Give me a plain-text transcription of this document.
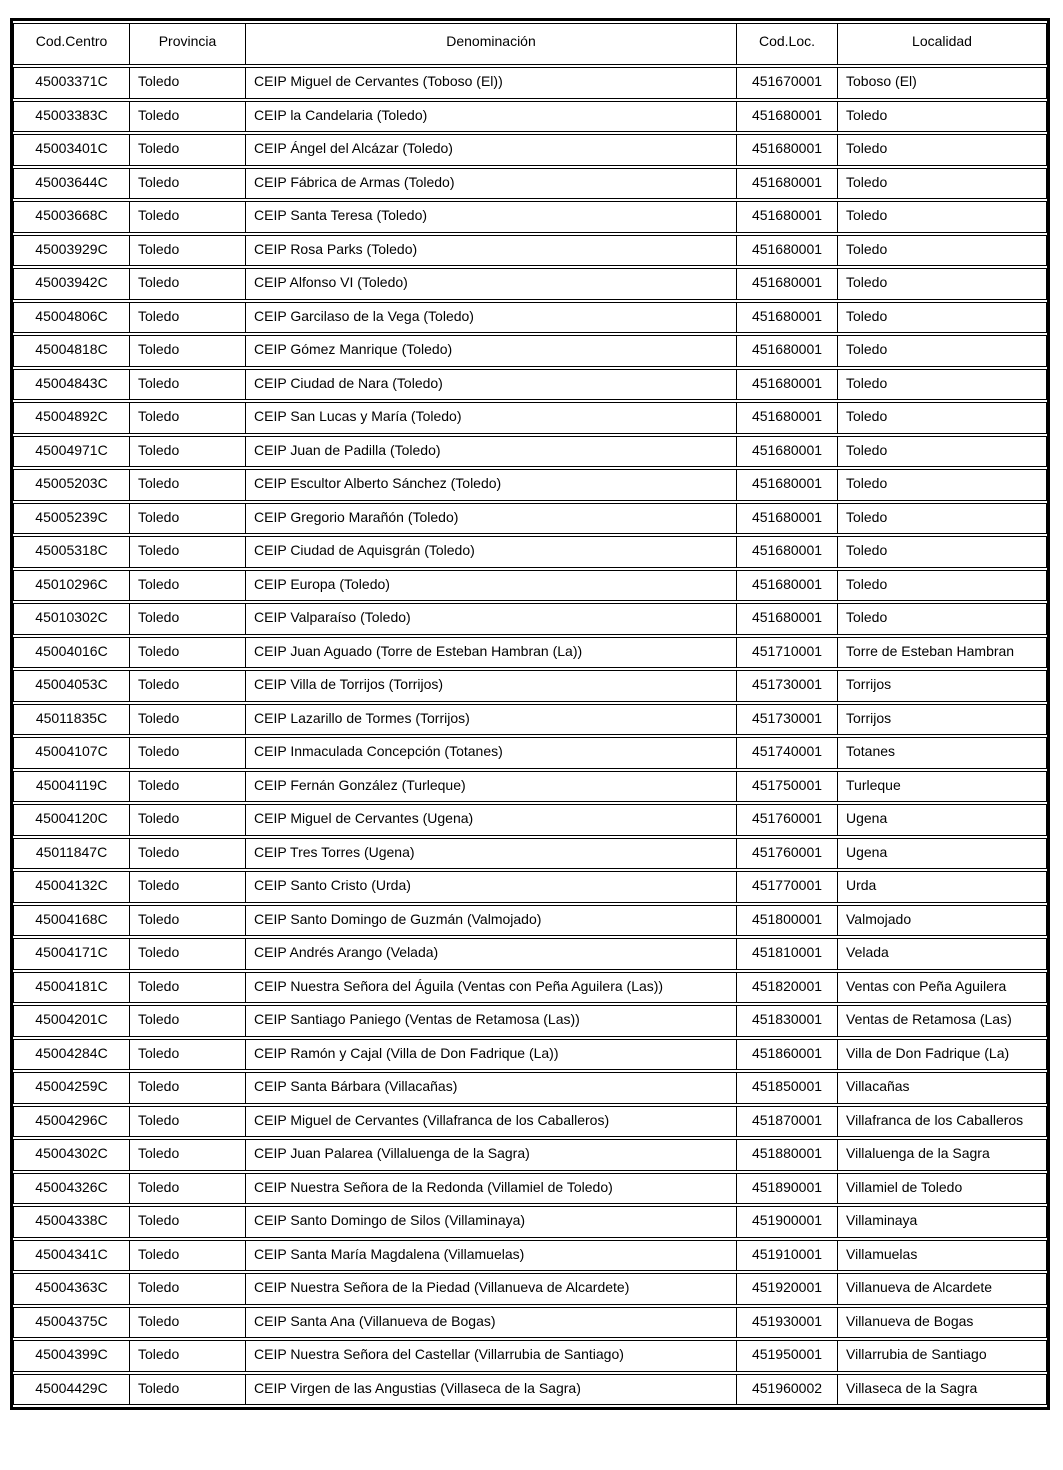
Cod.Centro	Provincia	Denominación	Cod.Loc.	Localidad
45003371C	Toledo	CEIP Miguel de Cervantes (Toboso (El))	451670001	Toboso (El)
45003383C	Toledo	CEIP la Candelaria (Toledo)	451680001	Toledo
45003401C	Toledo	CEIP Ángel del Alcázar (Toledo)	451680001	Toledo
45003644C	Toledo	CEIP Fábrica de Armas (Toledo)	451680001	Toledo
45003668C	Toledo	CEIP Santa Teresa (Toledo)	451680001	Toledo
45003929C	Toledo	CEIP Rosa Parks (Toledo)	451680001	Toledo
45003942C	Toledo	CEIP Alfonso VI (Toledo)	451680001	Toledo
45004806C	Toledo	CEIP Garcilaso de la Vega (Toledo)	451680001	Toledo
45004818C	Toledo	CEIP Gómez Manrique (Toledo)	451680001	Toledo
45004843C	Toledo	CEIP Ciudad de Nara (Toledo)	451680001	Toledo
45004892C	Toledo	CEIP San Lucas y María (Toledo)	451680001	Toledo
45004971C	Toledo	CEIP Juan de Padilla (Toledo)	451680001	Toledo
45005203C	Toledo	CEIP Escultor Alberto Sánchez (Toledo)	451680001	Toledo
45005239C	Toledo	CEIP Gregorio Marañón (Toledo)	451680001	Toledo
45005318C	Toledo	CEIP Ciudad de Aquisgrán (Toledo)	451680001	Toledo
45010296C	Toledo	CEIP Europa (Toledo)	451680001	Toledo
45010302C	Toledo	CEIP Valparaíso (Toledo)	451680001	Toledo
45004016C	Toledo	CEIP Juan Aguado (Torre de Esteban Hambran (La))	451710001	Torre de Esteban Hambran
45004053C	Toledo	CEIP Villa de Torrijos (Torrijos)	451730001	Torrijos
45011835C	Toledo	CEIP Lazarillo de Tormes (Torrijos)	451730001	Torrijos
45004107C	Toledo	CEIP Inmaculada Concepción (Totanes)	451740001	Totanes
45004119C	Toledo	CEIP Fernán González (Turleque)	451750001	Turleque
45004120C	Toledo	CEIP Miguel de Cervantes (Ugena)	451760001	Ugena
45011847C	Toledo	CEIP Tres Torres (Ugena)	451760001	Ugena
45004132C	Toledo	CEIP Santo Cristo (Urda)	451770001	Urda
45004168C	Toledo	CEIP Santo Domingo de Guzmán (Valmojado)	451800001	Valmojado
45004171C	Toledo	CEIP Andrés Arango (Velada)	451810001	Velada
45004181C	Toledo	CEIP Nuestra Señora del Águila (Ventas con Peña Aguilera (Las))	451820001	Ventas con Peña Aguilera
45004201C	Toledo	CEIP Santiago Paniego (Ventas de Retamosa (Las))	451830001	Ventas de Retamosa (Las)
45004284C	Toledo	CEIP Ramón y Cajal (Villa de Don Fadrique (La))	451860001	Villa de Don Fadrique (La)
45004259C	Toledo	CEIP Santa Bárbara (Villacañas)	451850001	Villacañas
45004296C	Toledo	CEIP Miguel de Cervantes (Villafranca de los Caballeros)	451870001	Villafranca de los Caballeros
45004302C	Toledo	CEIP Juan Palarea (Villaluenga de la Sagra)	451880001	Villaluenga de la Sagra
45004326C	Toledo	CEIP Nuestra Señora de la Redonda (Villamiel de Toledo)	451890001	Villamiel de Toledo
45004338C	Toledo	CEIP Santo Domingo de Silos (Villaminaya)	451900001	Villaminaya
45004341C	Toledo	CEIP Santa María Magdalena (Villamuelas)	451910001	Villamuelas
45004363C	Toledo	CEIP Nuestra Señora de la Piedad (Villanueva de Alcardete)	451920001	Villanueva de Alcardete
45004375C	Toledo	CEIP Santa Ana (Villanueva de Bogas)	451930001	Villanueva de Bogas
45004399C	Toledo	CEIP Nuestra Señora del Castellar (Villarrubia de Santiago)	451950001	Villarrubia de Santiago
45004429C	Toledo	CEIP Virgen de las Angustias (Villaseca de la Sagra)	451960002	Villaseca de la Sagra
